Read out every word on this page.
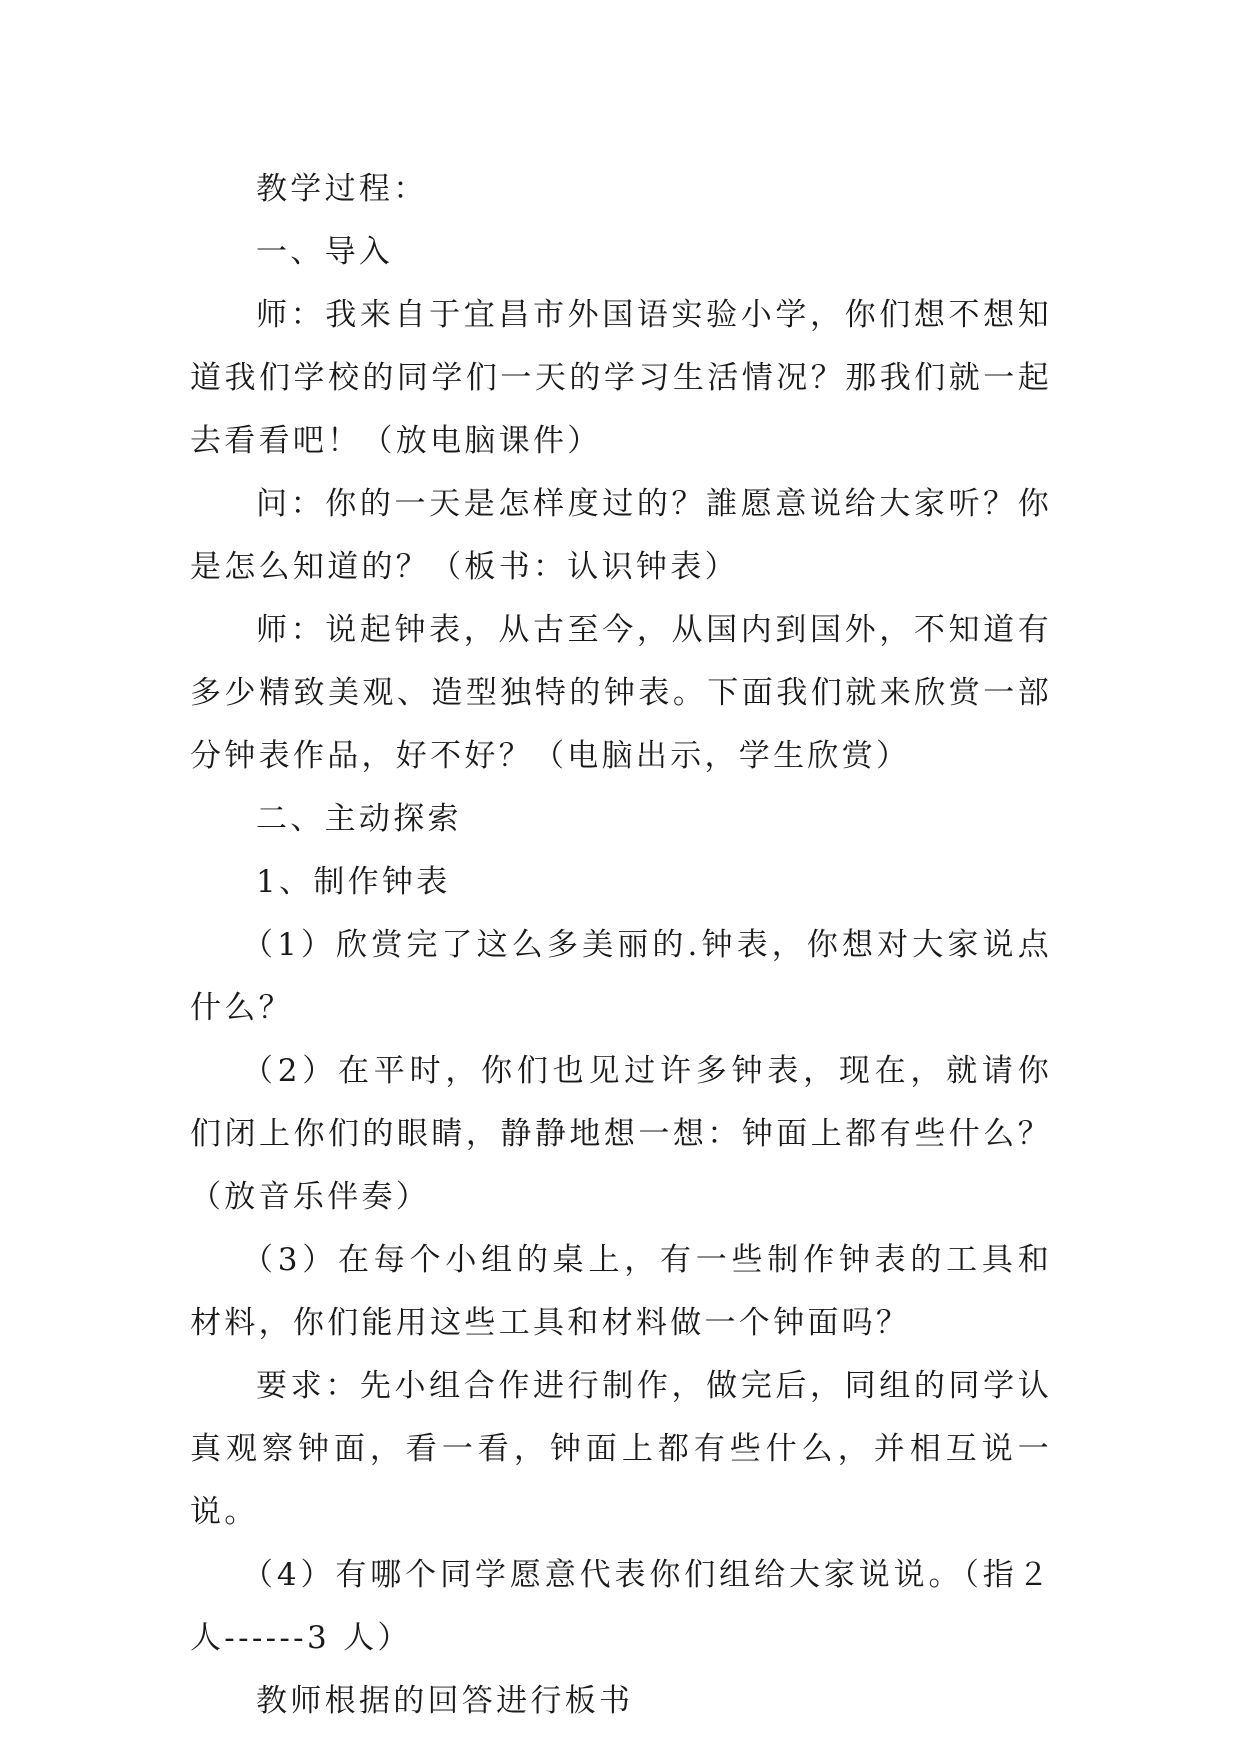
教学过程：

一、导入

师：我来自于宜昌市外国语实验小学，你们想不想知道我们学校的同学们一天的学习生活情况？那我们就一起去看看吧！（放电脑课件）

问：你的一天是怎样度过的？誰愿意说给大家听？你是怎么知道的？（板书：认识钟表）

师：说起钟表，从古至今，从国内到国外，不知道有多少精致美观、造型独特的钟表。下面我们就来欣赏一部分钟表作品，好不好？（电脑出示，学生欣赏）

二、主动探索

1、制作钟表

（1）欣赏完了这么多美丽的.钟表，你想对大家说点什么？

（2）在平时，你们也见过许多钟表，现在，就请你们闭上你们的眼睛，静静地想一想：钟面上都有些什么？（放音乐伴奏）

（3）在每个小组的桌上，有一些制作钟表的工具和材料，你们能用这些工具和材料做一个钟面吗？

要求：先小组合作进行制作，做完后，同组的同学认真观察钟面，看一看，钟面上都有些什么，并相互说一说。

（4）有哪个同学愿意代表你们组给大家说说。（指２人------3 人）

教师根据的回答进行板书
